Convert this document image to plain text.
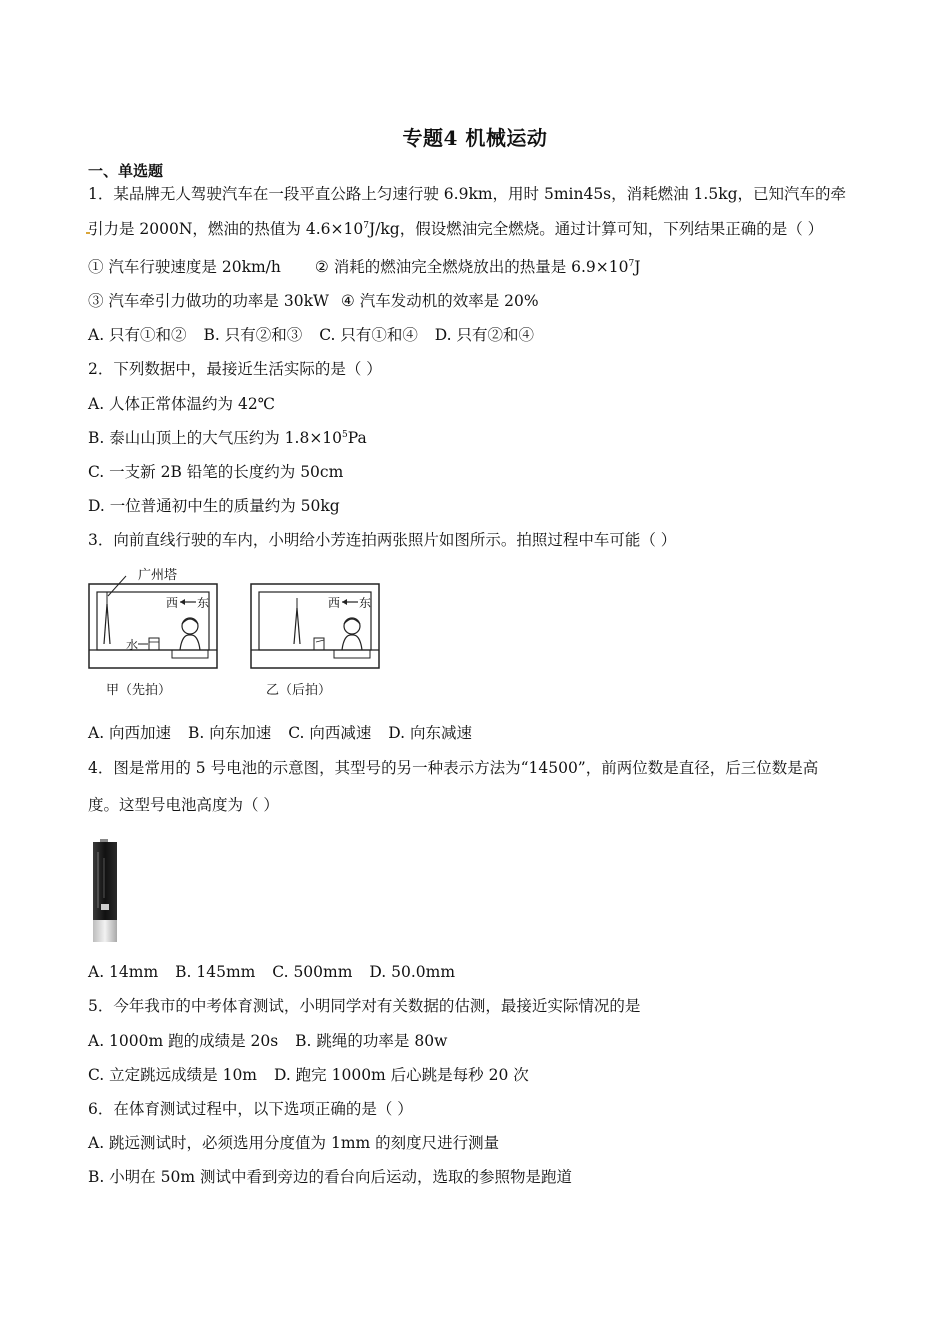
专题4 机械运动
一、单选题
1．某品牌无人驾驶汽车在一段平直公路上匀速行驶 6.9km，用时 5min45s，消耗燃油 1.5kg，已知汽车的牵
引力是 2000N，燃油的热值为 $4.6\times 10^7J/kg$，假设燃油完全燃烧。通过计算可知，下列结果正确的是（ ）
① 汽车行驶速度是 20km/h ② 消耗的燃油完全燃烧放出的热量是 $6.9\times 10^7J$
③ 汽车牵引力做功的功率是 30kW ④ 汽车发动机的效率是 20%
A. 只有①和② B. 只有②和③ C. 只有①和④ D. 只有②和④
2．下列数据中，最接近生活实际的是（ ）
A. 人体正常体温约为 42℃
B. 泰山山顶上的大气压约为 $1.8\times 10^5Pa$
C. 一支新 2B 铅笔的长度约为 50cm
D. 一位普通初中生的质量约为 50kg
3．向前直线行驶的车内，小明给小芳连拍两张照片如图所示。拍照过程中车可能（ ）
广州塔
西 东
水
西 东
甲（先拍）	乙（后拍）
A. 向西加速 B. 向东加速 C. 向西减速 D. 向东减速
4．图是常用的 5 号电池的示意图，其型号的另一种表示方法为“14500”，前两位数是直径，后三位数是高
度。这型号电池高度为（ ）
A. 14mm B. 145mm C. 500mm D. 50.0mm
5．今年我市的中考体育测试，小明同学对有关数据的估测，最接近实际情况的是
A. 1000m 跑的成绩是 20s B. 跳绳的功率是 80w
C. 立定跳远成绩是 10m D. 跑完 1000m 后心跳是每秒 20 次
6．在体育测试过程中，以下选项正确的是（ ）
A. 跳远测试时，必须选用分度值为 1mm 的刻度尺进行测量
B. 小明在 50m 测试中看到旁边的看台向后运动，选取的参照物是跑道
